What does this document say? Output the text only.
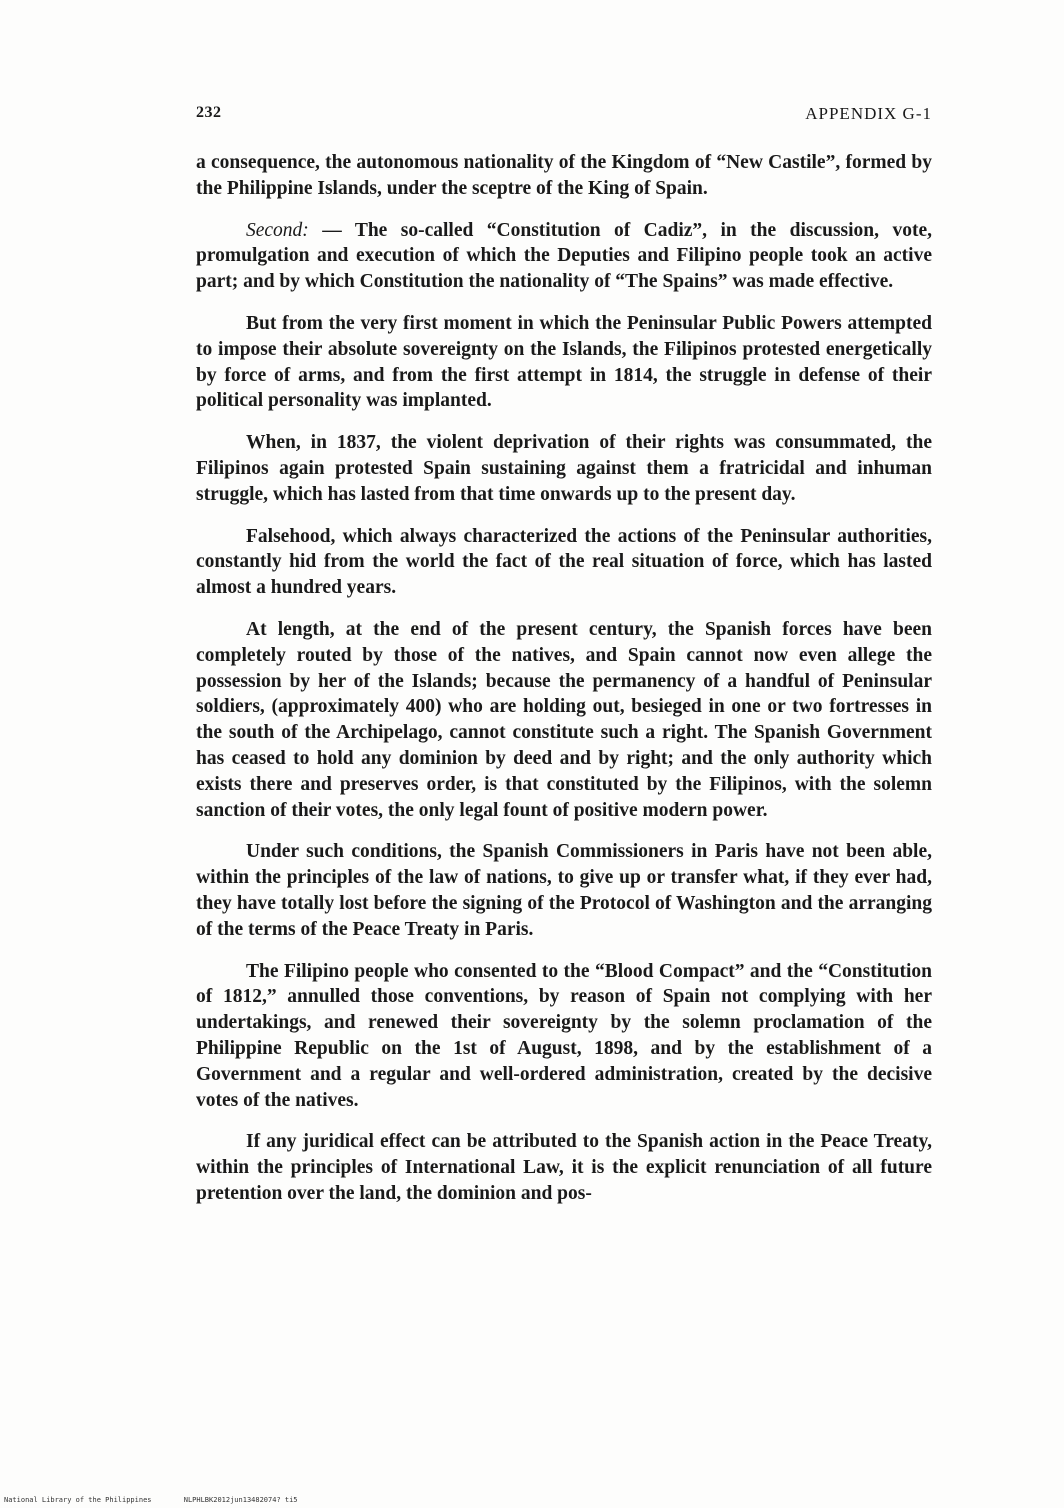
232	APPENDIX G-1

a consequence, the autonomous nationality of the Kingdom of “New Castile”, formed by the Philippine Islands, under the sceptre of the King of Spain.

Second: — The so-called “Constitution of Cadiz”, in the discussion, vote, promulgation and execution of which the Deputies and Filipino people took an active part; and by which Constitution the nationality of “The Spains” was made effective.

But from the very first moment in which the Peninsular Public Powers attempted to impose their absolute sovereignty on the Islands, the Filipinos protested energetically by force of arms, and from the first attempt in 1814, the struggle in defense of their political personality was implanted.

When, in 1837, the violent deprivation of their rights was consummated, the Filipinos again protested Spain sustaining against them a fratricidal and inhuman struggle, which has lasted from that time onwards up to the present day.

Falsehood, which always characterized the actions of the Peninsular authorities, constantly hid from the world the fact of the real situation of force, which has lasted almost a hundred years.

At length, at the end of the present century, the Spanish forces have been completely routed by those of the natives, and Spain cannot now even allege the possession by her of the Islands; because the permanency of a handful of Peninsular soldiers, (approximately 400) who are holding out, besieged in one or two fortresses in the south of the Archipelago, cannot constitute such a right. The Spanish Government has ceased to hold any dominion by deed and by right; and the only authority which exists there and preserves order, is that constituted by the Filipinos, with the solemn sanction of their votes, the only legal fount of positive modern power.

Under such conditions, the Spanish Commissioners in Paris have not been able, within the principles of the law of nations, to give up or transfer what, if they ever had, they have totally lost before the signing of the Protocol of Washington and the arranging of the terms of the Peace Treaty in Paris.

The Filipino people who consented to the “Blood Compact” and the “Constitution of 1812,” annulled those conventions, by reason of Spain not complying with her undertakings, and renewed their sovereignty by the solemn proclamation of the Philippine Republic on the 1st of August, 1898, and by the establishment of a Government and a regular and well-ordered administration, created by the decisive votes of the natives.

If any juridical effect can be attributed to the Spanish action in the Peace Treaty, within the principles of International Law, it is the explicit renunciation of all future pretention over the land, the dominion and pos-

National Library of the Philippines	NLPHLBK2012jun13482074? ti5
